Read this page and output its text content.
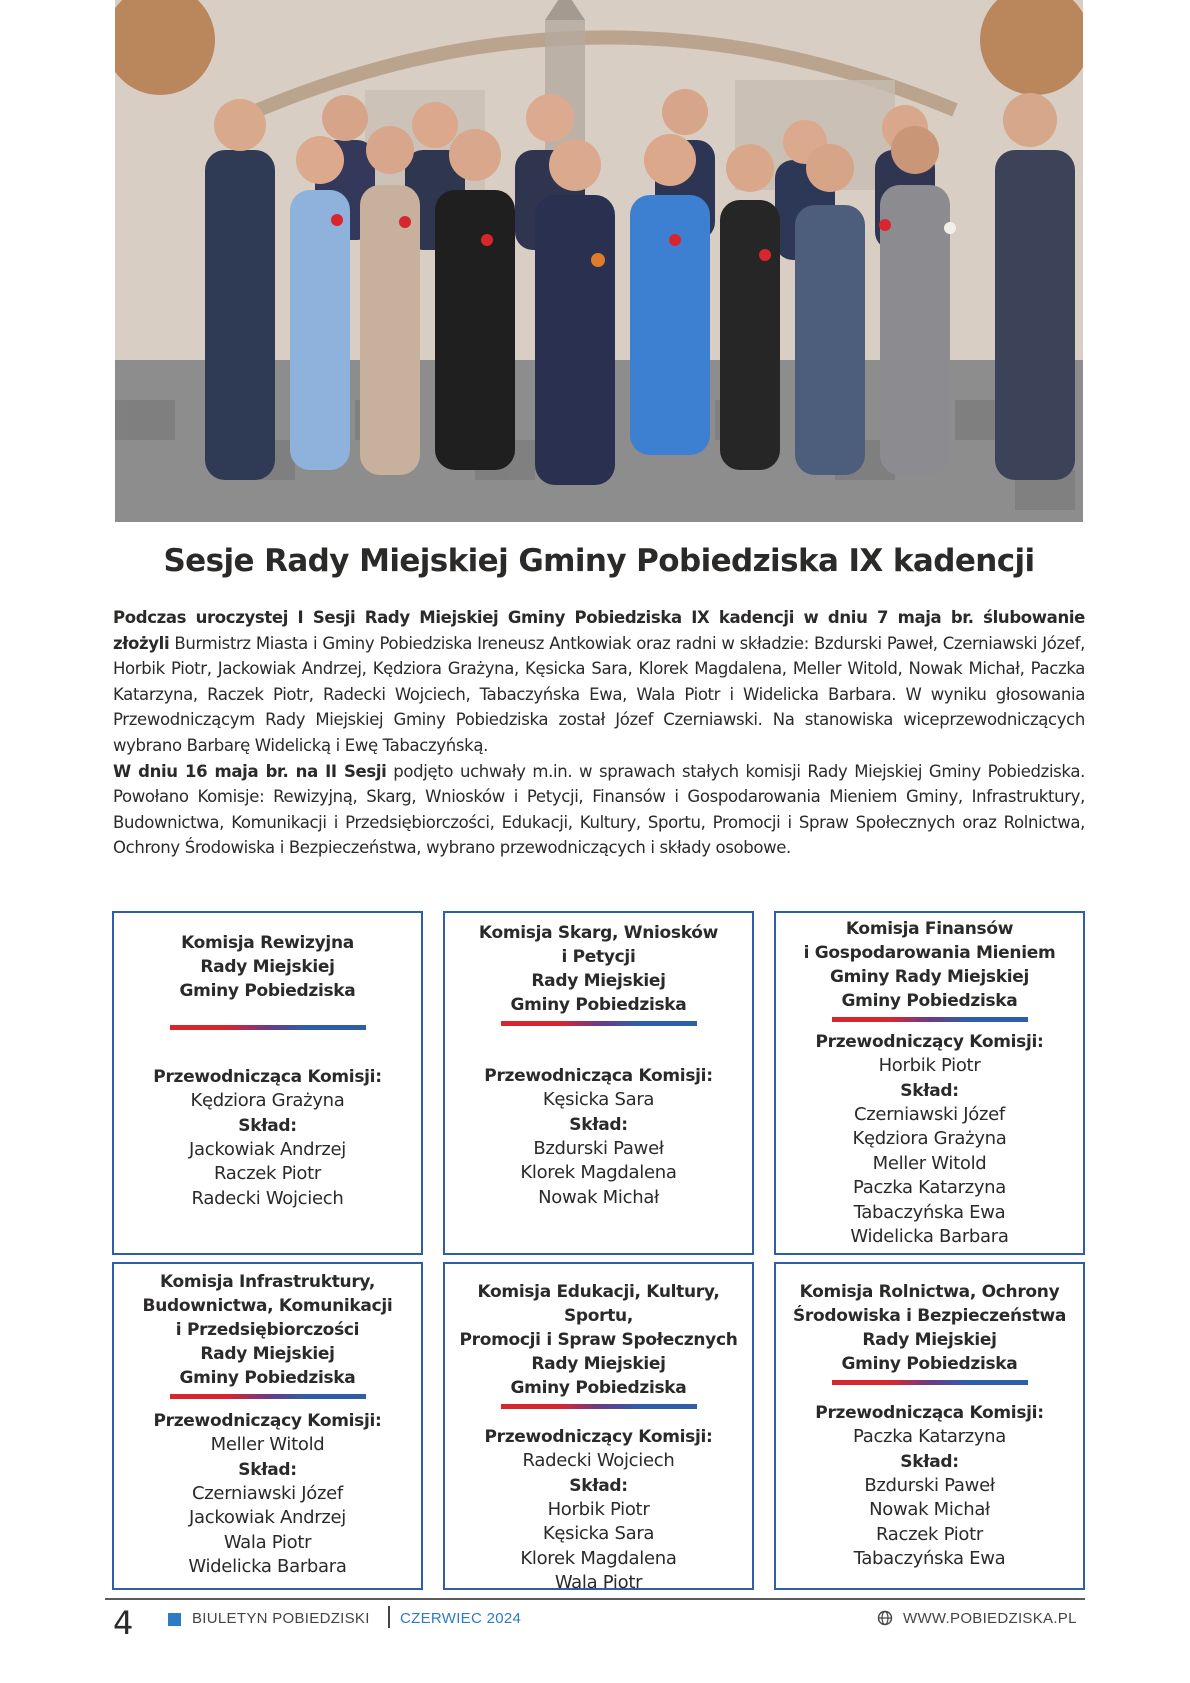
Sesje Rady Miejskiej Gminy Pobiedziska IX kadencji

Podczas uroczystej I Sesji Rady Miejskiej Gminy Pobiedziska IX kadencji w dniu 7 maja br. ślubowanie złożyli Burmistrz Miasta i Gminy Pobiedziska Ireneusz Antkowiak oraz radni w składzie: Bzdurski Paweł, Czerniawski Józef, Horbik Piotr, Jackowiak Andrzej, Kędziora Grażyna, Kęsicka Sara, Klorek Magdalena, Meller Witold, Nowak Michał, Paczka Katarzyna, Raczek Piotr, Radecki Wojciech, Tabaczyńska Ewa, Wala Piotr i Widelicka Barbara. W wyniku głosowania Przewodniczącym Rady Miejskiej Gminy Pobiedziska został Józef Czerniawski. Na stanowiska wiceprzewodniczących wybrano Barbarę Widelicką i Ewę Tabaczyńską.

W dniu 16 maja br. na II Sesji podjęto uchwały m.in. w sprawach stałych komisji Rady Miejskiej Gminy Pobiedziska. Powołano Komisje: Rewizyjną, Skarg, Wniosków i Petycji, Finansów i Gospodarowania Mieniem Gminy, Infrastruktury, Budownictwa, Komunikacji i Przedsiębiorczości, Edukacji, Kultury, Sportu, Promocji i Spraw Społecznych oraz Rolnictwa, Ochrony Środowiska i Bezpieczeństwa, wybrano przewodniczących i składy osobowe.

Komisja Rewizyjna
Rady Miejskiej
Gminy Pobiedziska
Przewodnicząca Komisji:
Kędziora Grażyna
Skład:
Jackowiak Andrzej
Raczek Piotr
Radecki Wojciech
Komisja Skarg, Wniosków
i Petycji
Rady Miejskiej
Gminy Pobiedziska
Przewodnicząca Komisji:
Kęsicka Sara
Skład:
Bzdurski Paweł
Klorek Magdalena
Nowak Michał
Komisja Finansów
i Gospodarowania Mieniem
Gminy Rady Miejskiej
Gminy Pobiedziska
Przewodniczący Komisji:
Horbik Piotr
Skład:
Czerniawski Józef
Kędziora Grażyna
Meller Witold
Paczka Katarzyna
Tabaczyńska Ewa
Widelicka Barbara
Komisja Infrastruktury,
Budownictwa, Komunikacji
i Przedsiębiorczości
Rady Miejskiej
Gminy Pobiedziska
Przewodniczący Komisji:
Meller Witold
Skład:
Czerniawski Józef
Jackowiak Andrzej
Wala Piotr
Widelicka Barbara
Komisja Edukacji, Kultury, Sportu,
Promocji i Spraw Społecznych
Rady Miejskiej
Gminy Pobiedziska
Przewodniczący Komisji:
Radecki Wojciech
Skład:
Horbik Piotr
Kęsicka Sara
Klorek Magdalena
Wala Piotr
Komisja Rolnictwa, Ochrony
Środowiska i Bezpieczeństwa
Rady Miejskiej
Gminy Pobiedziska
Przewodnicząca Komisji:
Paczka Katarzyna
Skład:
Bzdurski Paweł
Nowak Michał
Raczek Piotr
Tabaczyńska Ewa
4	BIULETYN POBIEDZISKI CZERWIEC 2024	WWW.POBIEDZISKA.PL
